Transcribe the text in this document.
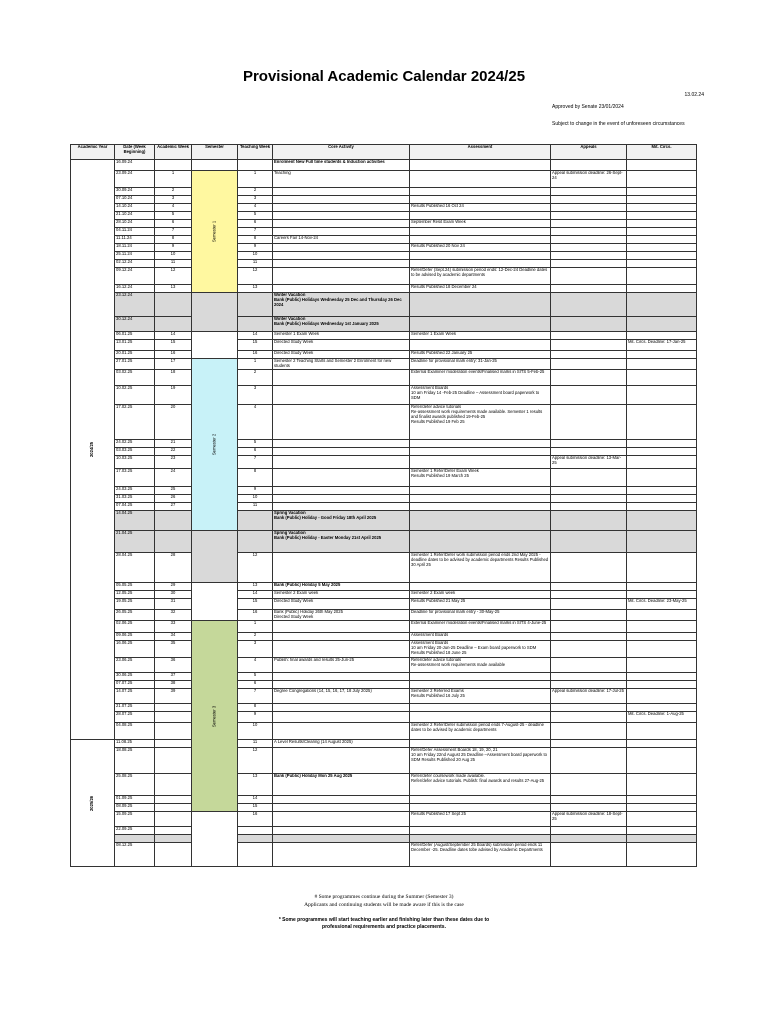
Provisional Academic Calendar 2024/25
13.02.24
Approved by Senate 23/01/2024
Subject to change in the event of unforeseen circumstances
Academic Year	Date (Week Beginning)	Academic Week	Semester	Teaching Week	Core Activity	Assessment	Appeals	Mit. Circs.
2024/25	16.09.24				Enrolment New Full time students & Induction activities			
	23.09.24	1	Semester 1	1	Teaching		Appeal submission deadline: 26-Sept-24	
	30.09.24	2		2				
	07.10.24	3		3				
	14.10.24	4		4		Results Published 16 Oct 24		
	21.10.24	5		5				
	28.10.24	6		6		September Resit Exam Week		
	04.11.24	7		7				
	11.11.24	8		8	Careers Fair 14-Nov-24			
	18.11.24	9		9		Results Published 20 Nov 24		
	25.11.24	10		10				
	02.12.24	11		11				
	09.12.24	12		12		Refer/Defer (Sept.24) submission period ends: 12-Dec-24 Deadline dates to be advised by academic departments		
	16.12.24	13		13		Results Published 18 December 24		
	23.12.24				Winter Vacation
Bank (Public) Holidays Wednesday 25 Dec and Thursday 26 Dec 2024			
	30.12.24				Winter Vacation
Bank (Public) Holidays Wednesday 1st January 2025			
	06.01.25	14		14	Semester 1 Exam Week	Semester 1 Exam Week		
	13.01.25	15		15	Directed Study Week			Mit. Circs. Deadline: 17-Jan-25
	20.01.25	16		16	Directed Study Week	Results Published 22 January 25		
	27.01.25	17	Semester 2	1	Semester 2 Teaching Starts and Semester 2 Enrolment for new students	Deadline for provisional mark entry: 31-Jan-25		
	03.02.25	18		2		External Examiner moderation events/Finalised marks in SITS 5-Feb-25		
	10.02.25	19		3		Assessment Boards
10 am Friday 14 -Feb-25 Deadline – Assessment board paperwork to SDM		
	17.02.25	20		4		Refer/defer advice tutorials
Re-assessment work requirements made available. Semester 1 results and finalist awards published 19-Feb-25
Results Published 19 Feb 25		
	24.02.25	21		5				
	03.03.25	22		6				
	10.03.25	23		7			Appeal submission deadline: 13-Mar-25	
	17.03.25	24		8		Semester 1 Refer/Defer Exam Week
Results Published 19 March 25		
	24.03.25	25		9				
	31.03.25	26		10				
	07.04.25	27		11				
	14.04.25				Spring Vacation
Bank (Public) Holiday - Good Friday 18th April 2025			
	21.04.25				Spring Vacation
Bank (Public) Holiday - Easter Monday 21st April 2025			
	28.04.25	28		12		Semester 1 Refer/Defer work submission period ends 2nd May 2025 - deadline dates to be advised by academic departments Results Published 30 April 25		
	05.05.25	29		13	Bank (Public) Holiday 5 May 2025			
	12.05.25	30		14	Semester 2 Exam week	Semester 2 Exam week		
	19.05.25	31		15	Directed Study Week	Results Published 21 May 25		Mit. Circs. Deadline: 23-May-25
	26.05.25	32		16	Bank (Public) Holiday 26th May 2025
Directed Study Week	Deadline for provisional mark entry - 30-May-25		
	02.06.25	33	Semester 3	1		External Examiner moderation events/Finalised marks in SITS 4-June-25		
	09.06.25	34		2		Assessment Boards		
	16.06.25	35		3		Assessment Boards
10 am Friday 20-Jun-25 Deadline – Exam board paperwork to SDM Results Published 18 June 25		
	23.06.25	36		4	Publish: final awards and results 25-Jun-25	Refer/defer advice tutorials
Re-assessment work requirements made available		
	30.06.25	37		5				
	07.07.25	38		6				
	14.07.25	39		7	Degree Congregations (14, 15, 16, 17, 18 July 2025)	Semester 2 Referred Exams
Results Published 16 July 25	Appeal submission deadline: 17-Jul-25	
	21.07.25			8				
	28.07.25			9				Mit. Circs. Deadline: 1-Aug-25
	04.08.25			10		Semester 2 Refer/Defer submission period ends 7-August-25 - deadline dates to be advised by academic departments		
2025/26	11.08.25			11	A Level Results/Clearing (14 August 2025)			
	18.08.25			12		Refer/Defer Assessment Boards 18, 19, 20, 21
10 am Friday 22nd August 25 Deadline –Assessment board paperwork to SDM Results Published 20 Aug 25		
	25.08.25			13	Bank (Public) Holiday Mon 25 Aug 2025	Refer/defer coursework made available.
Refer/defer advice tutorials. Publish: final awards and results 27-Aug-25		
	01.09.25			14				
	08.09.25			15				
	15.09.25			16		Results Published 17 Sept 25	Appeal submission deadline: 18-Sept-25	
	22.09.25							

	08.12.25					Refer/Defer (August/September 25 Boards) submission period ends 11 December -25. Deadline dates tobe advised by Academic Departments		
# Some programmes continue during the Summer (Semester 3)
Applicants and continuing students will be made aware if this is the case
* Some programmes will start teaching earlier and finishing later than these dates due to
professional requirements and practice placements.
